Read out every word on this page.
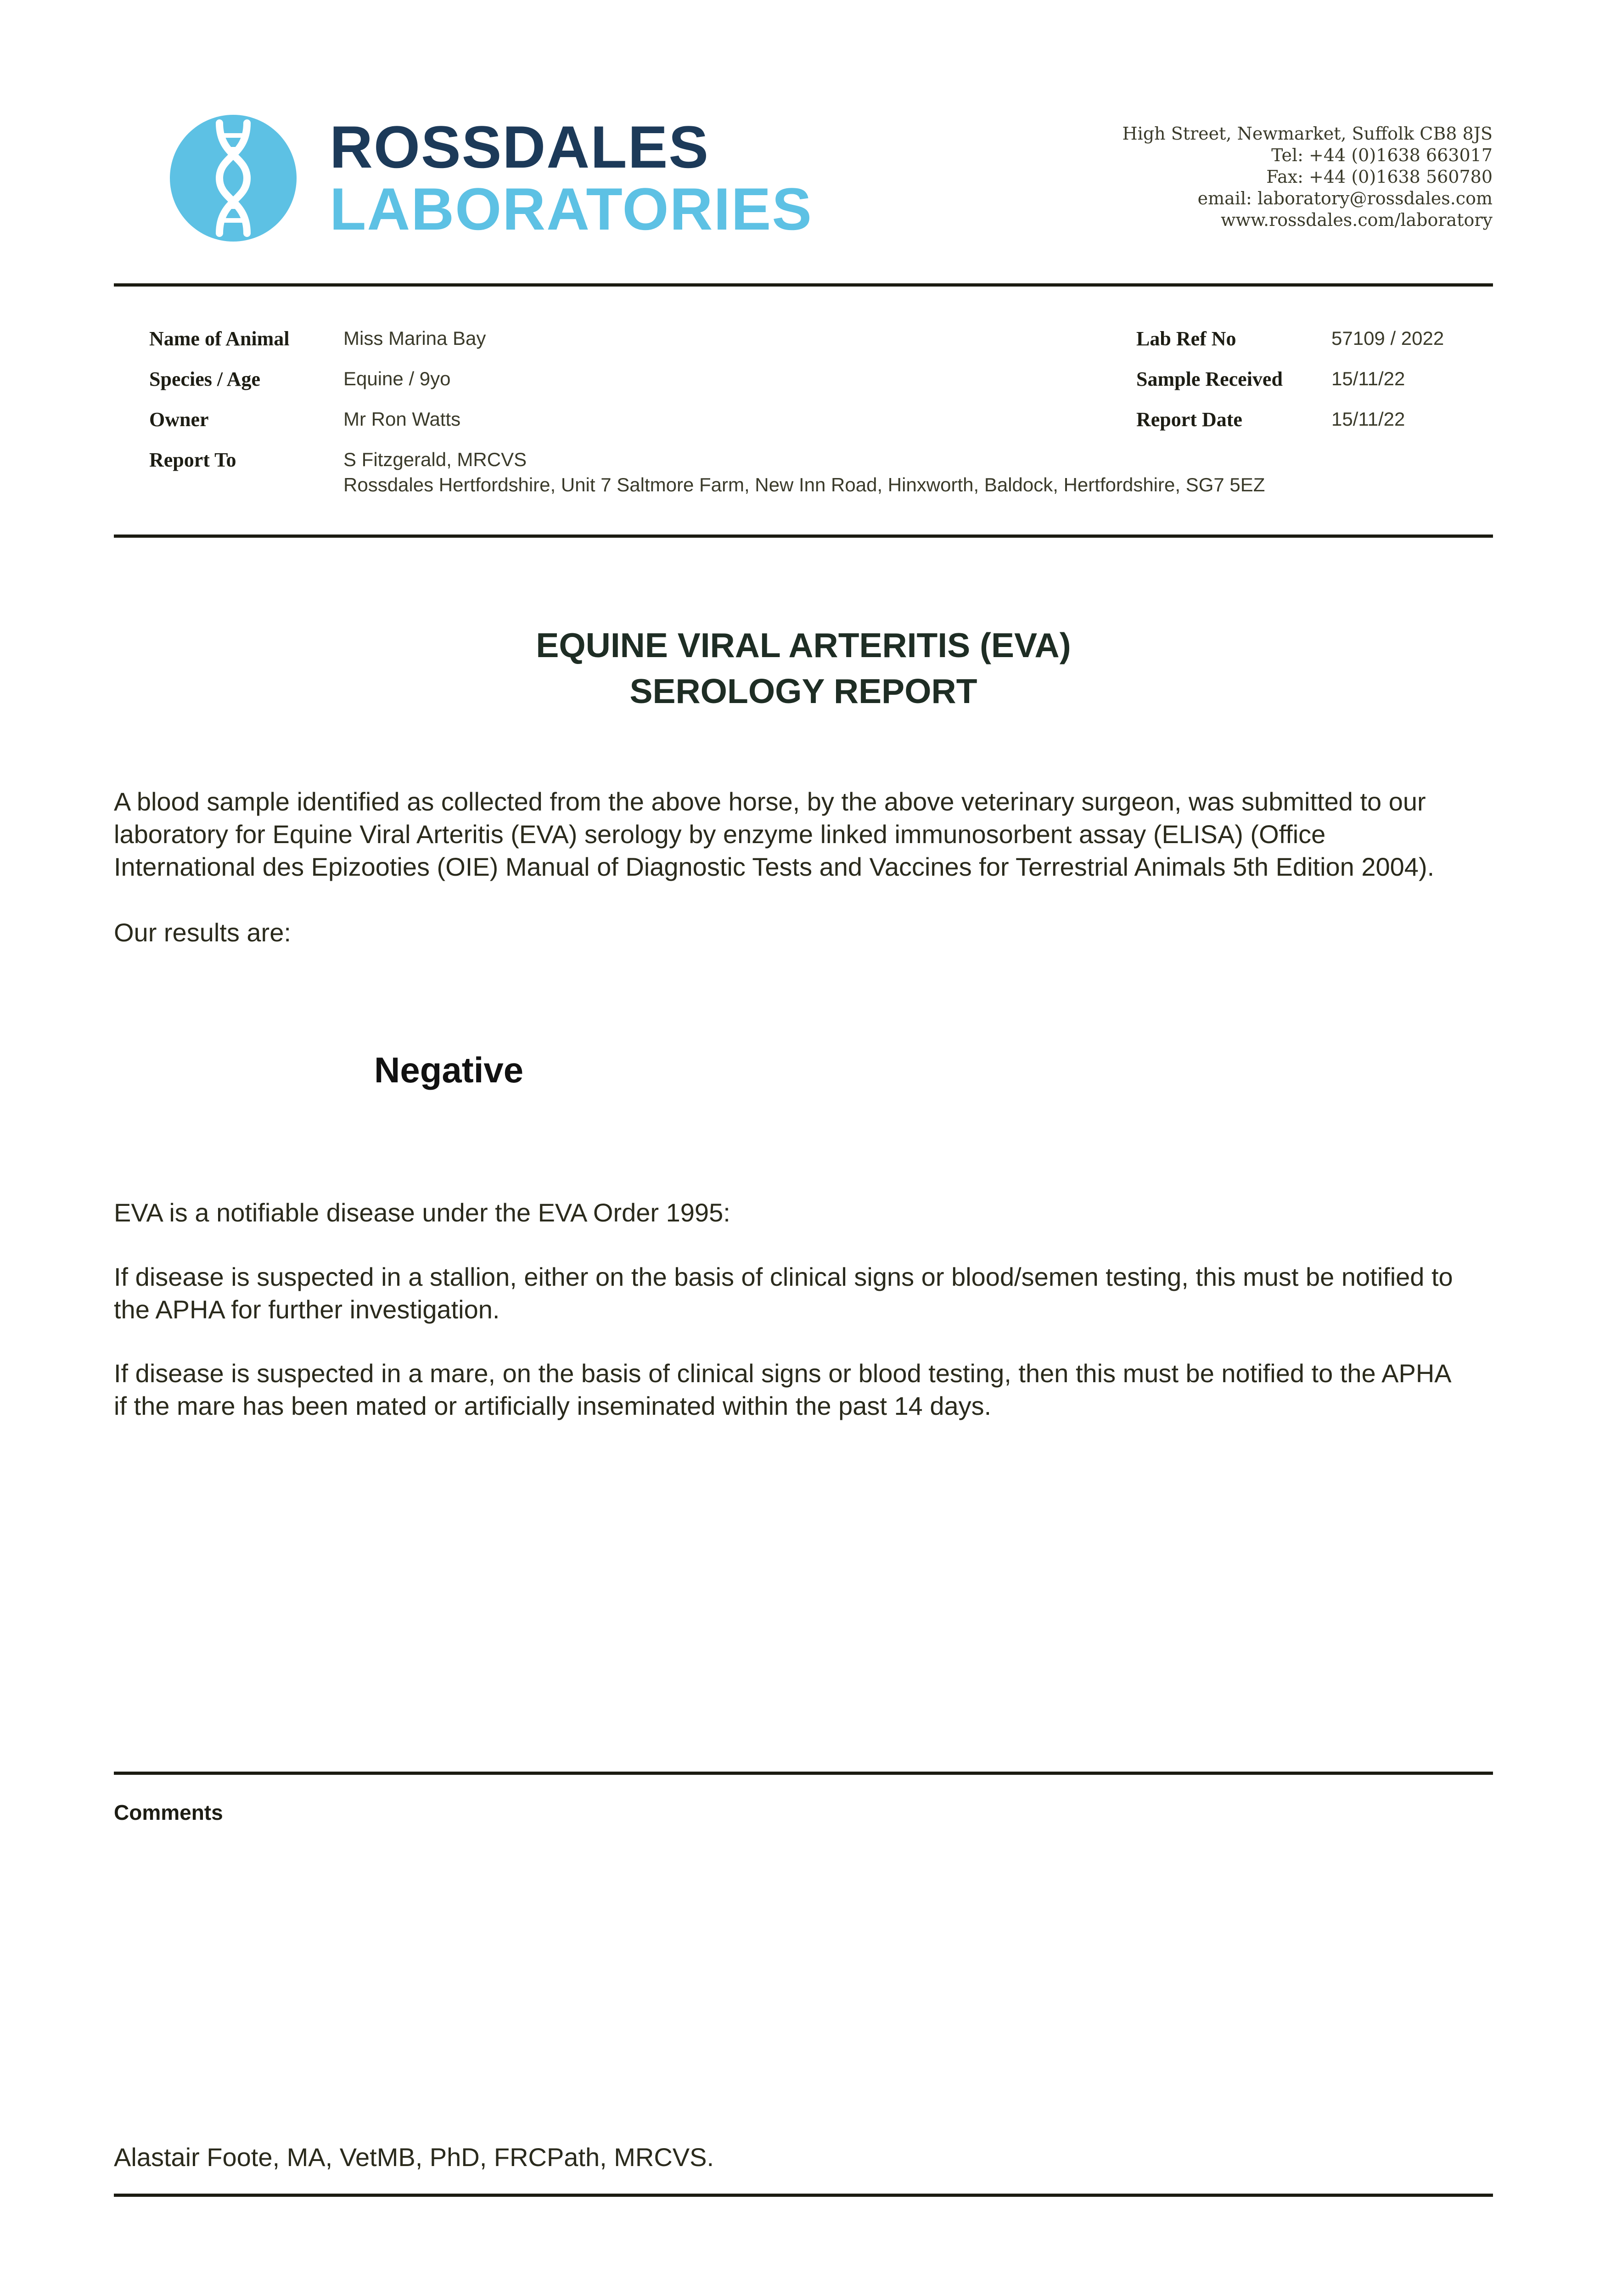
ROSSDALES
LABORATORIES
High Street, Newmarket, Suffolk CB8 8JS
Tel: +44 (0)1638 663017
Fax: +44 (0)1638 560780
email: laboratory@rossdales.com
www.rossdales.com/laboratory
Name of Animal	Miss Marina Bay
Species / Age	Equine / 9yo
Owner	Mr Ron Watts
Report To	S Fitzgerald, MRCVS
Rossdales Hertfordshire, Unit 7 Saltmore Farm, New Inn Road, Hinxworth, Baldock, Hertfordshire, SG7 5EZ
Lab Ref No	57109 / 2022
Sample Received	15/11/22
Report Date	15/11/22
EQUINE VIRAL ARTERITIS (EVA)
SEROLOGY REPORT
A blood sample identified as collected from the above horse, by the above veterinary surgeon, was submitted to our
laboratory for Equine Viral Arteritis (EVA) serology by enzyme linked immunosorbent assay (ELISA) (Office
International des Epizooties (OIE) Manual of Diagnostic Tests and Vaccines for Terrestrial Animals 5th Edition 2004).
Our results are:
Negative
EVA is a notifiable disease under the EVA Order 1995:
If disease is suspected in a stallion, either on the basis of clinical signs or blood/semen testing, this must be notified to
the APHA for further investigation.
If disease is suspected in a mare, on the basis of clinical signs or blood testing, then this must be notified to the APHA
if the mare has been mated or artificially inseminated within the past 14 days.
Comments
Alastair Foote, MA, VetMB, PhD, FRCPath, MRCVS.
